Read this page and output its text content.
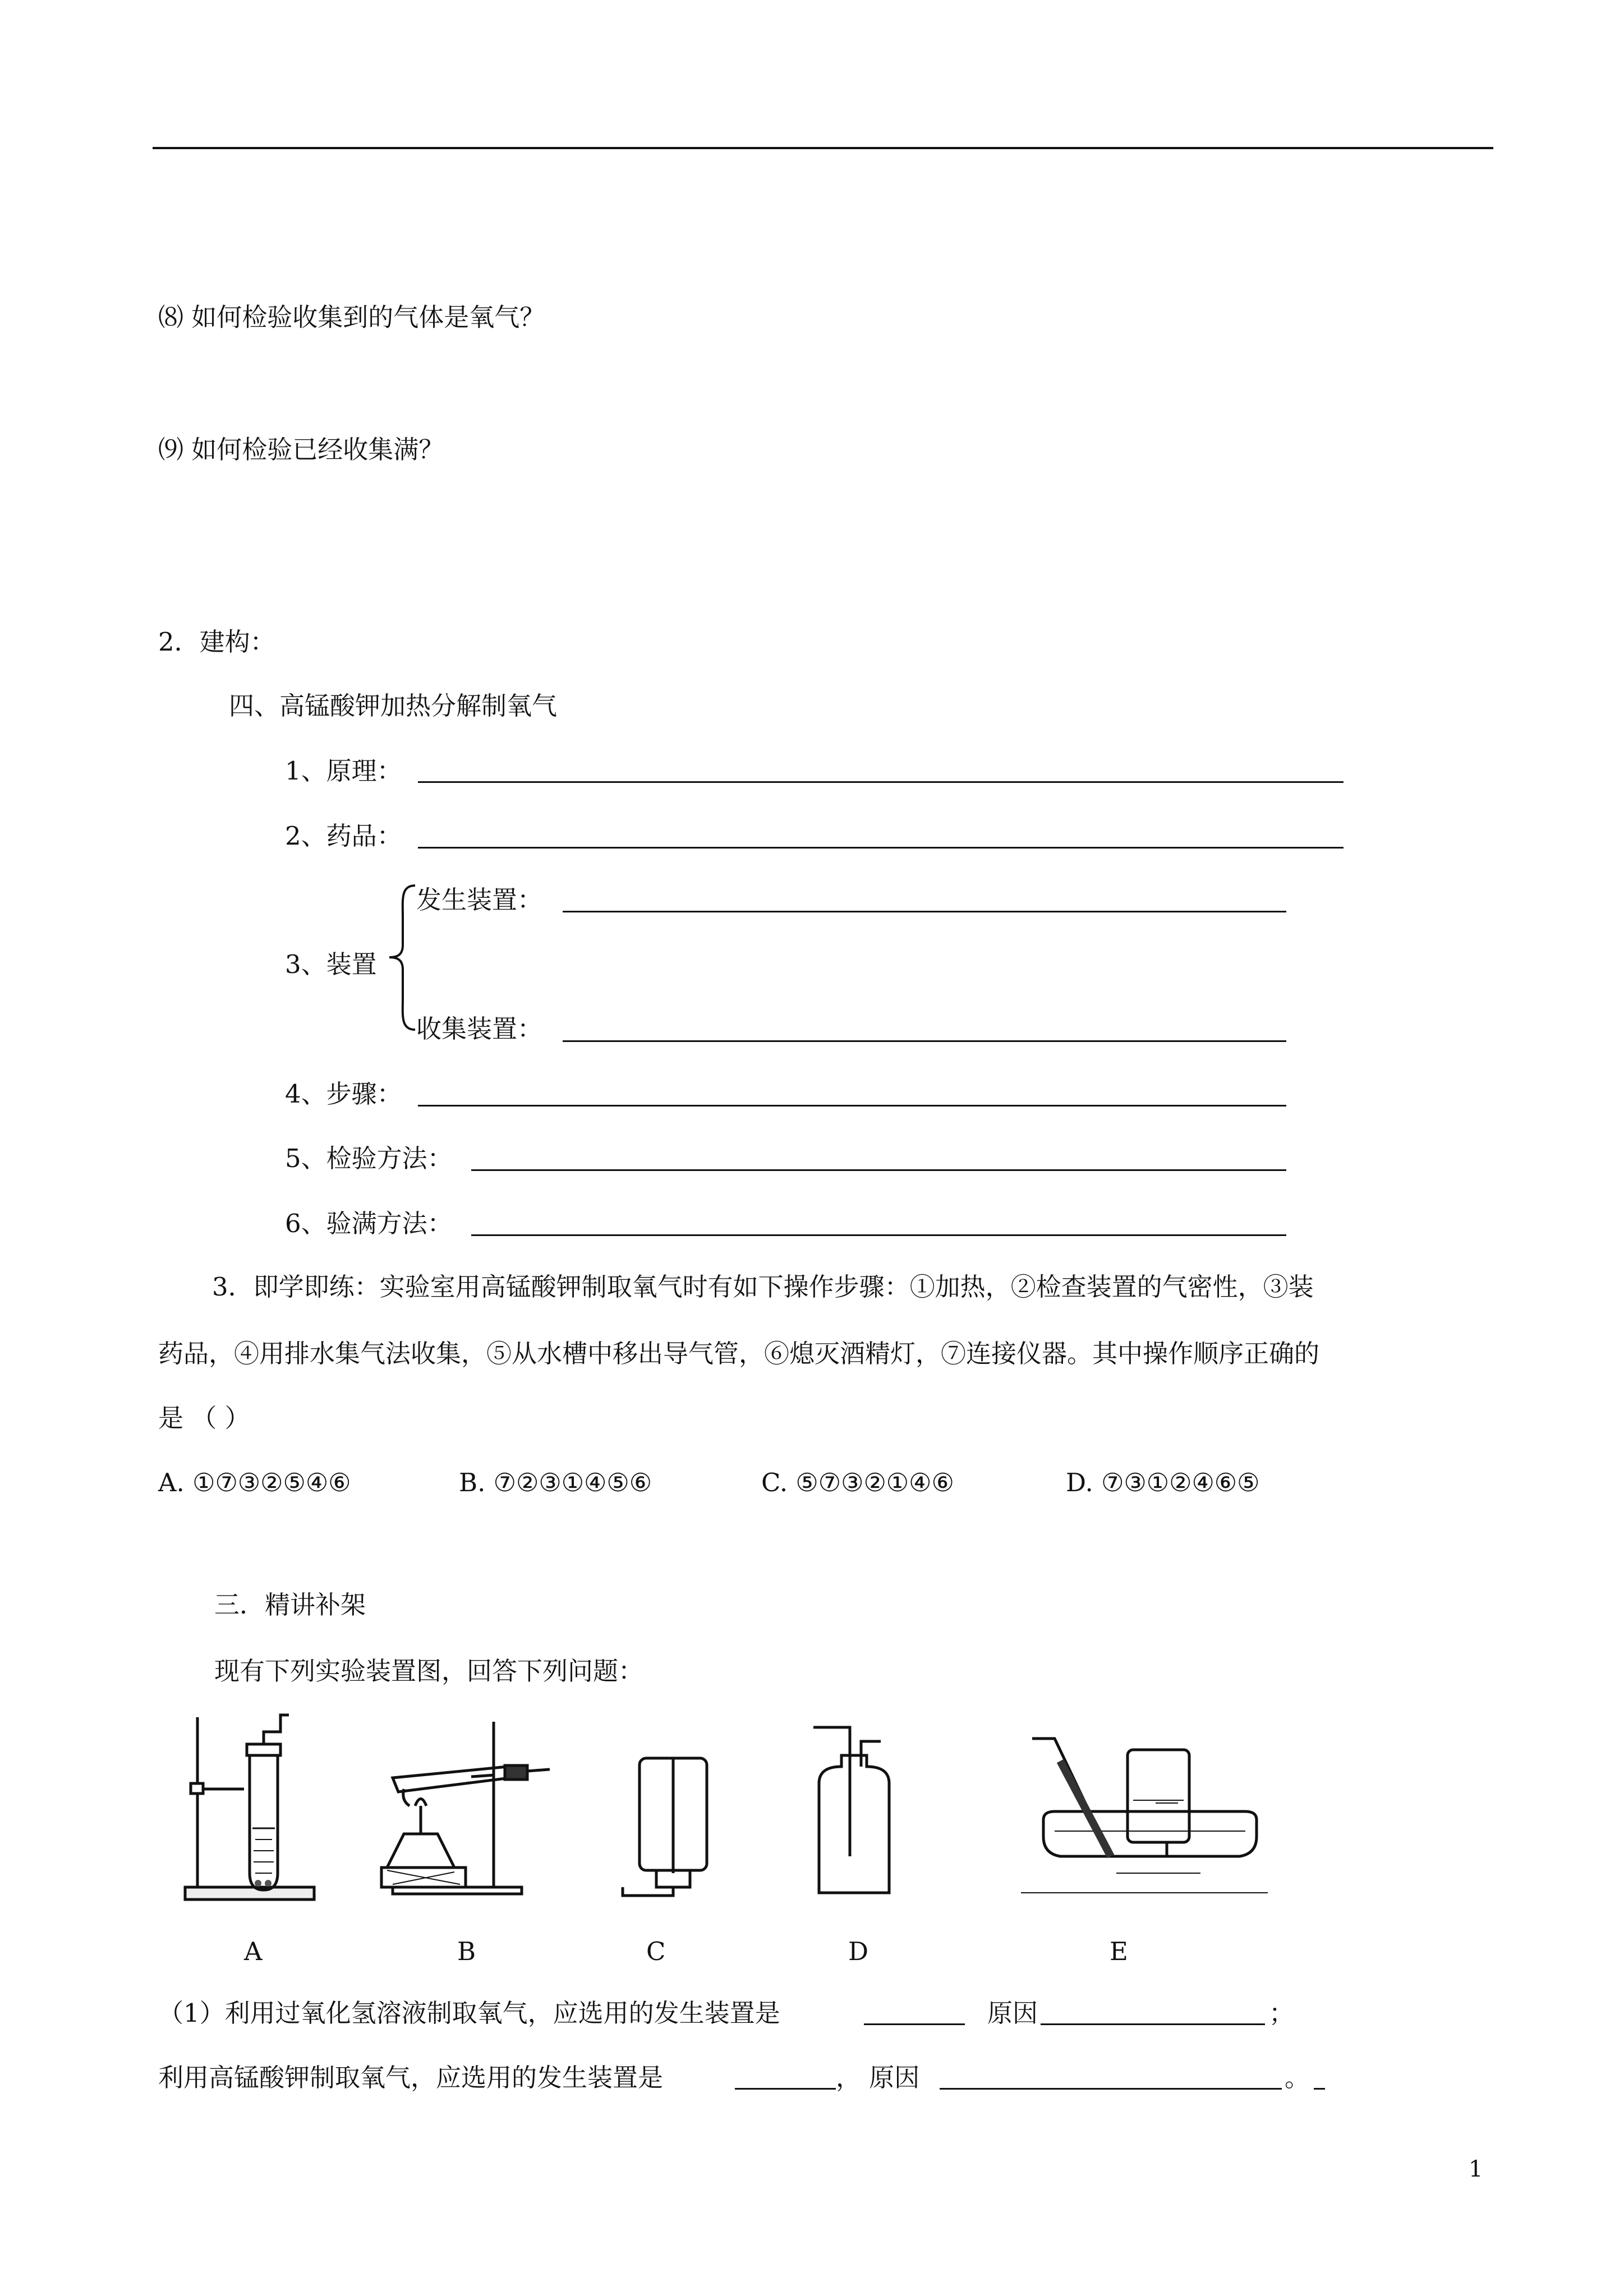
⑻ 如何检验收集到的气体是氧气？
⑼ 如何检验已经收集满？
2．建构：
四、高锰酸钾加热分解制氧气
1、原理：
2、药品：
3、装置
发生装置：
收集装置：
4、步骤：
5、检验方法：
6、验满方法：
3．即学即练：实验室用高锰酸钾制取氧气时有如下操作步骤：①加热，②检查装置的气密性，③装
药品，④用排水集气法收集，⑤从水槽中移出导气管，⑥熄灭酒精灯，⑦连接仪器。其中操作顺序正确的
是 （ ）
A. ①⑦③②⑤④⑥	B. ⑦②③①④⑤⑥	C. ⑤⑦③②①④⑥	D. ⑦③①②④⑥⑤
三．精讲补架
现有下列实验装置图，回答下列问题：
A	B	C	D	E
（1）利用过氧化氢溶液制取氧气，应选用的发生装置是	原因	；
利用高锰酸钾制取氧气，应选用的发生装置是	， 原因	。
1
